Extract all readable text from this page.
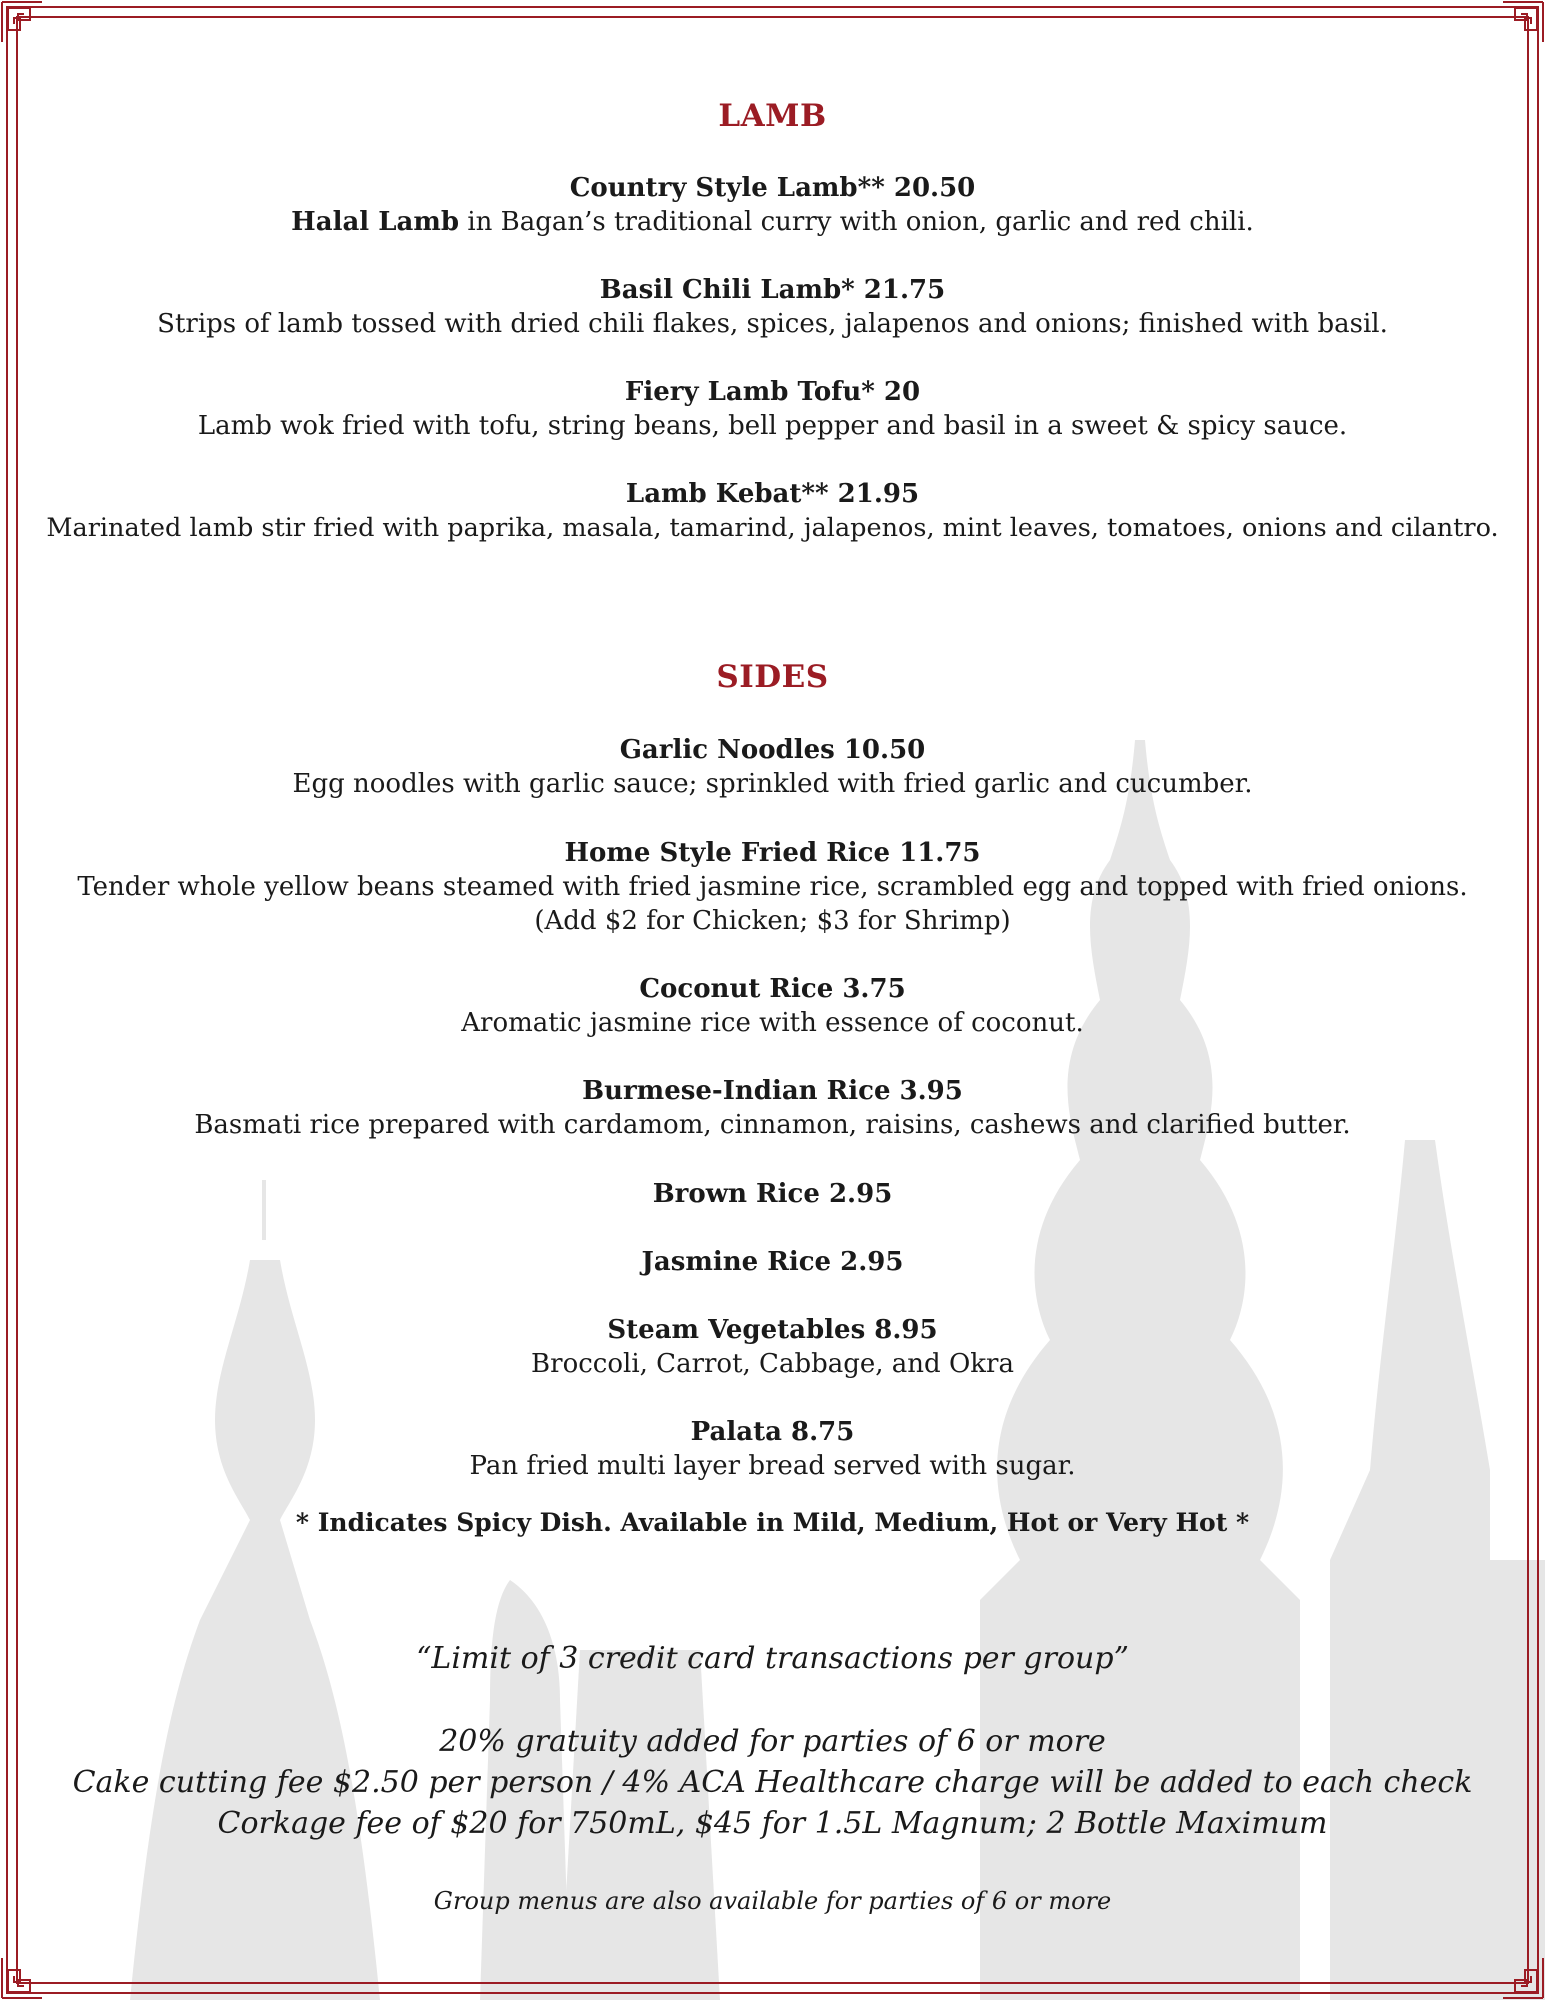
LAMB
Country Style Lamb** 20.50
Halal Lamb in Bagan’s traditional curry with onion, garlic and red chili.
Basil Chili Lamb* 21.75
Strips of lamb tossed with dried chili flakes, spices, jalapenos and onions; finished with basil.
Fiery Lamb Tofu* 20
Lamb wok fried with tofu, string beans, bell pepper and basil in a sweet & spicy sauce.
Lamb Kebat** 21.95
Marinated lamb stir fried with paprika, masala, tamarind, jalapenos, mint leaves, tomatoes, onions and cilantro.
SIDES
Garlic Noodles 10.50
Egg noodles with garlic sauce; sprinkled with fried garlic and cucumber.
Home Style Fried Rice 11.75
Tender whole yellow beans steamed with fried jasmine rice, scrambled egg and topped with fried onions.
(Add $2 for Chicken; $3 for Shrimp)
Coconut Rice 3.75
Aromatic jasmine rice with essence of coconut.
Burmese-Indian Rice 3.95
Basmati rice prepared with cardamom, cinnamon, raisins, cashews and clarified butter.
Brown Rice 2.95
Jasmine Rice 2.95
Steam Vegetables 8.95
Broccoli, Carrot, Cabbage, and Okra
Palata 8.75
Pan fried multi layer bread served with sugar.
* Indicates Spicy Dish. Available in Mild, Medium, Hot or Very Hot *
“Limit of 3 credit card transactions per group”
20% gratuity added for parties of 6 or more
Cake cutting fee $2.50 per person / 4% ACA Healthcare charge will be added to each check
Corkage fee of $20 for 750mL, $45 for 1.5L Magnum; 2 Bottle Maximum
Group menus are also available for parties of 6 or more
